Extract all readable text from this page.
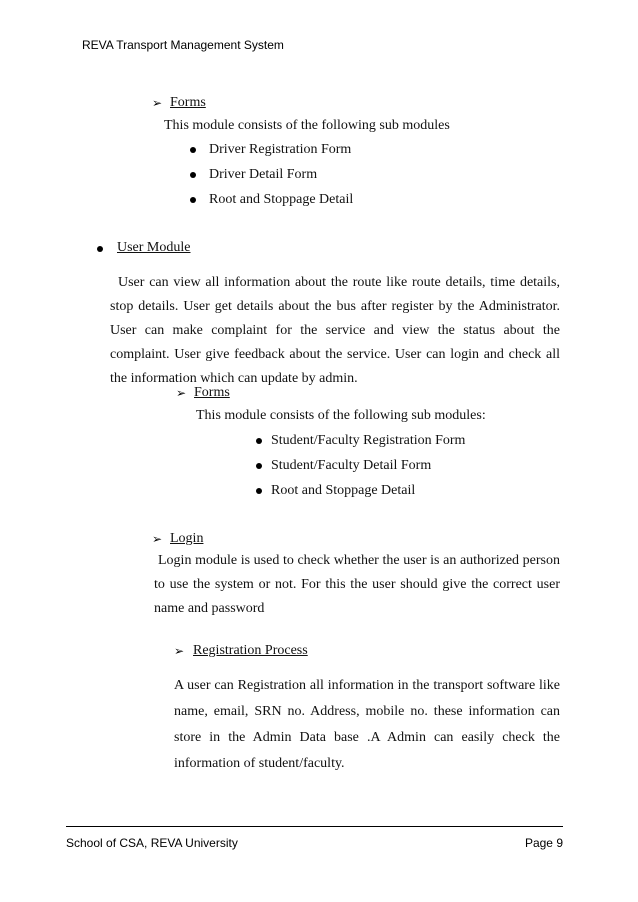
REVA Transport Management System
➢ Forms
This module consists of the following sub modules
Driver Registration Form
Driver Detail Form
Root and Stoppage Detail
User Module
User can view all information about the route like route details, time details, stop details. User get details about the bus after register by the Administrator. User can make complaint for the service and view the status about the complaint. User give feedback about the service. User can login and check all the information which can update by admin.
➢ Forms
This module consists of the following sub modules:
Student/Faculty Registration Form
Student/Faculty Detail Form
Root and Stoppage Detail
➢ Login
Login module is used to check whether the user is an authorized person to use the system or not. For this the user should give the correct user name and password
➢ Registration Process
A user can Registration all information in the transport software like name, email, SRN no. Address, mobile no. these information can store in the Admin Data base .A Admin can easily check the information of student/faculty.
School of CSA, REVA University	Page 9
